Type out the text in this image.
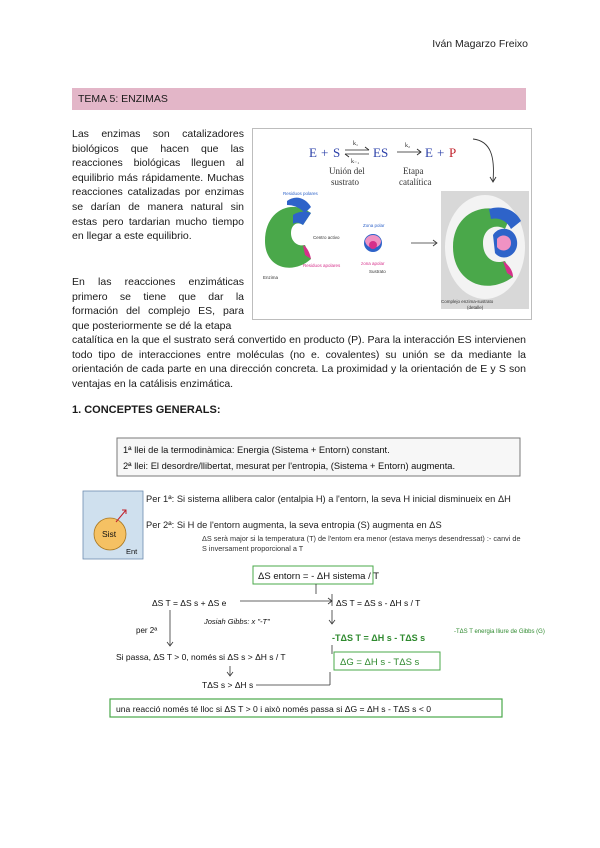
Iván Magarzo Freixo
TEMA 5: ENZIMAS

Las enzimas son catalizadores biológicos que hacen que las reacciones biológicas lleguen al equilibrio más rápidamente. Muchas reacciones catalizadas por enzimas se darían de manera natural sin estas pero tardarian mucho tiempo en llegar a este equilibrio.

En las reacciones enzimáticas primero se tiene que dar la formación del complejo ES, para que posteriormente se dé la etapa

catalítica en la que el sustrato será convertido en producto (P). Para la interacción ES intervienen todo tipo de interacciones entre moléculas (no e. covalentes) su unión se da mediante la orientación de cada parte en una dirección concreta. La proximidad y la orientación de E y S son ventajas en la catálisis enzimática.

E + S
k₁
k₋₁
ES	k₂ E + P
Unión del
sustrato
Etapa
catalítica
Residuos polares
Centro activo
Residuos apolares
Enzima
Zona polar
zona apolar
Sustrato
Complejo enzima-sustrato
(detalle)
1. CONCEPTES GENERALS:
1ª llei de la termodinàmica: Energia (Sistema + Entorn) constant.
2ª llei: El desordre/llibertat, mesurat per l'entropia, (Sistema + Entorn) augmenta.
Sist
Ent
Per 1ª: Si sistema allibera calor (entalpia H) a l'entorn, la seva H inicial disminueix en ΔH
Per 2ª: Si H de l'entorn augmenta, la seva entropia (S) augmenta en ΔS
ΔS serà major si la temperatura (T) de l'entorn era menor (estava menys desendressat) :- canvi de S inversament proporcional a T
ΔS entorn = - ΔH sistema / T
ΔS T = ΔS s + ΔS e
per 2ª
ΔS T = ΔS s - ΔH s / T
Josiah Gibbs: x "-T"
-TΔS T = ΔH s - TΔS s
-TΔS T energia lliure de Gibbs (G)
ΔG = ΔH s - TΔS s
Si passa, ΔS T > 0, només si ΔS s > ΔH s / T
TΔS s > ΔH s
una reacció només té lloc si ΔS T > 0 i això només passa si ΔG = ΔH s - TΔS s < 0
